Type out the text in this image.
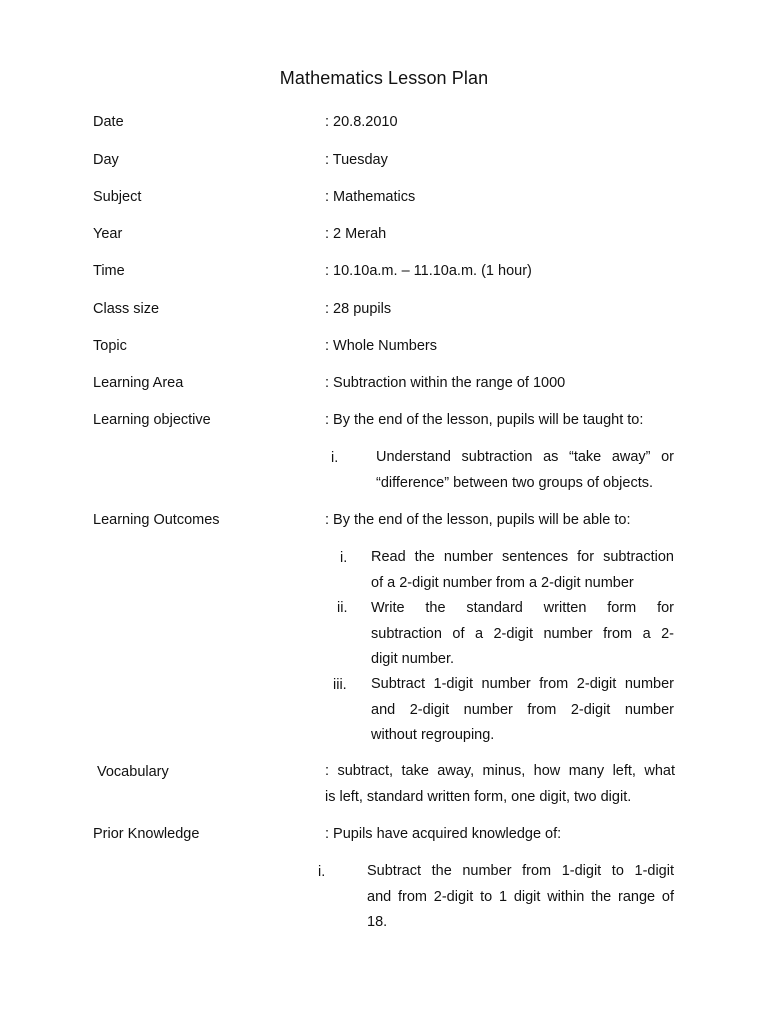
Mathematics Lesson Plan
Date	: 20.8.2010
Day	: Tuesday
Subject	: Mathematics
Year	: 2 Merah
Time	: 10.10a.m. – 11.10a.m. (1 hour)
Class size	: 28 pupils
Topic	: Whole Numbers
Learning Area	: Subtraction within the range of 1000
Learning objective	: By the end of the lesson, pupils will be taught to:
i.	Understand subtraction as “take away” or
“difference” between two groups of objects.
Learning Outcomes	: By the end of the lesson, pupils will be able to:
i. Read the number sentences for subtraction
of a 2-digit number from a 2-digit number
ii. Write the standard written form for
subtraction of a 2-digit number from a 2-
digit number.
iii. Subtract 1-digit number from 2-digit number
and 2-digit number from 2-digit number
without regrouping.
Vocabulary	: subtract, take away, minus, how many left, what
is left, standard written form, one digit, two digit.
Prior Knowledge	: Pupils have acquired knowledge of:
i.	Subtract the number from 1-digit to 1-digit
and from 2-digit to 1 digit within the range of
18.
